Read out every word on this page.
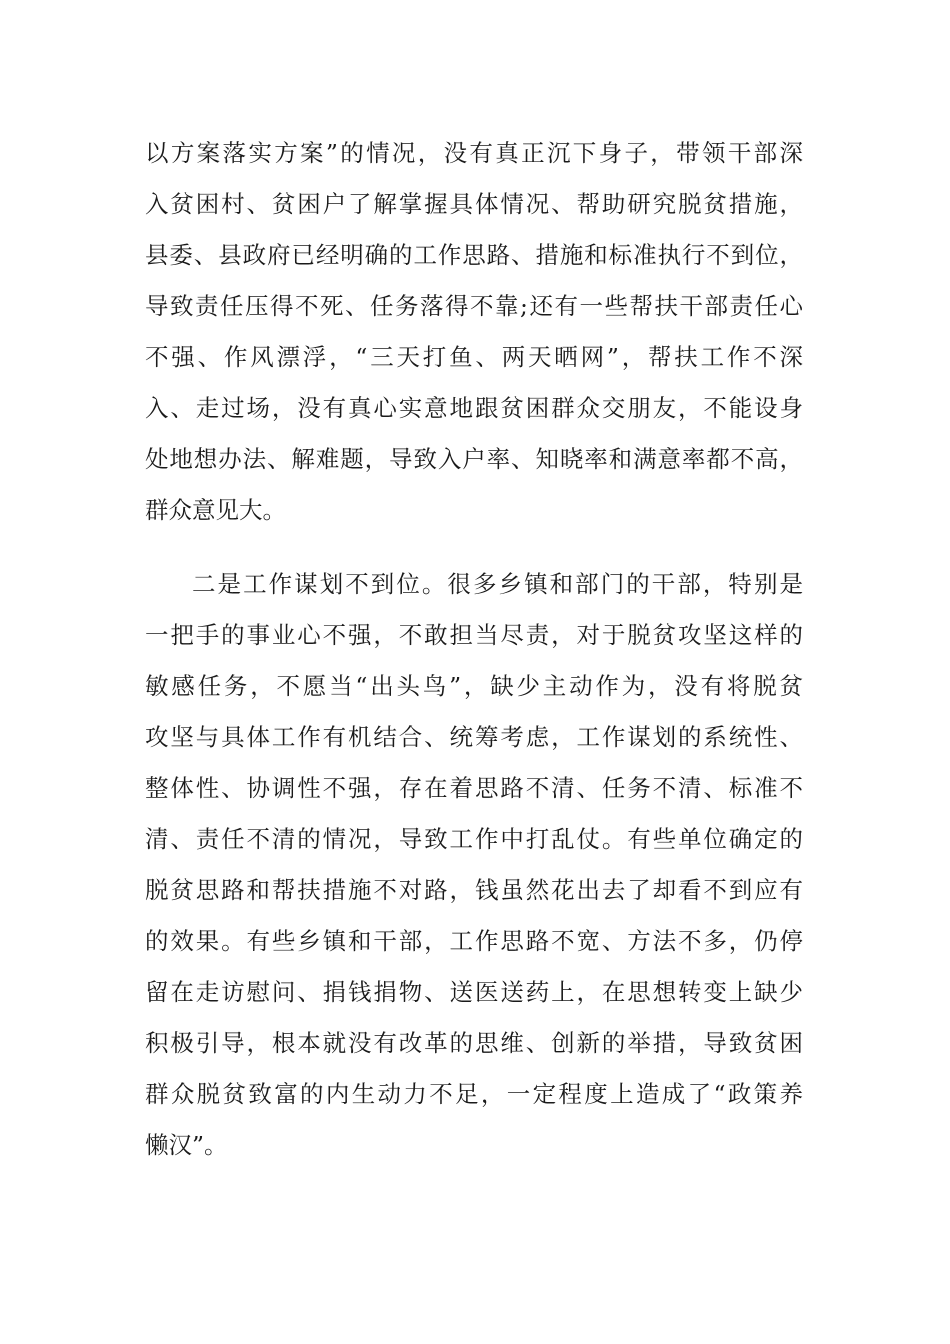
以方案落实方案”的情况，没有真正沉下身子，带领干部深
入贫困村、贫困户了解掌握具体情况、帮助研究脱贫措施，
县委、县政府已经明确的工作思路、措施和标准执行不到位，
导致责任压得不死、任务落得不靠;还有一些帮扶干部责任心
不强、作风漂浮，“三天打鱼、两天晒网”，帮扶工作不深
入、走过场，没有真心实意地跟贫困群众交朋友，不能设身
处地想办法、解难题，导致入户率、知晓率和满意率都不高，
群众意见大。
二是工作谋划不到位。很多乡镇和部门的干部，特别是
一把手的事业心不强，不敢担当尽责，对于脱贫攻坚这样的
敏感任务，不愿当“出头鸟”，缺少主动作为，没有将脱贫
攻坚与具体工作有机结合、统筹考虑，工作谋划的系统性、
整体性、协调性不强，存在着思路不清、任务不清、标准不
清、责任不清的情况，导致工作中打乱仗。有些单位确定的
脱贫思路和帮扶措施不对路，钱虽然花出去了却看不到应有
的效果。有些乡镇和干部，工作思路不宽、方法不多，仍停
留在走访慰问、捐钱捐物、送医送药上，在思想转变上缺少
积极引导，根本就没有改革的思维、创新的举措，导致贫困
群众脱贫致富的内生动力不足，一定程度上造成了“政策养
懒汉”。
